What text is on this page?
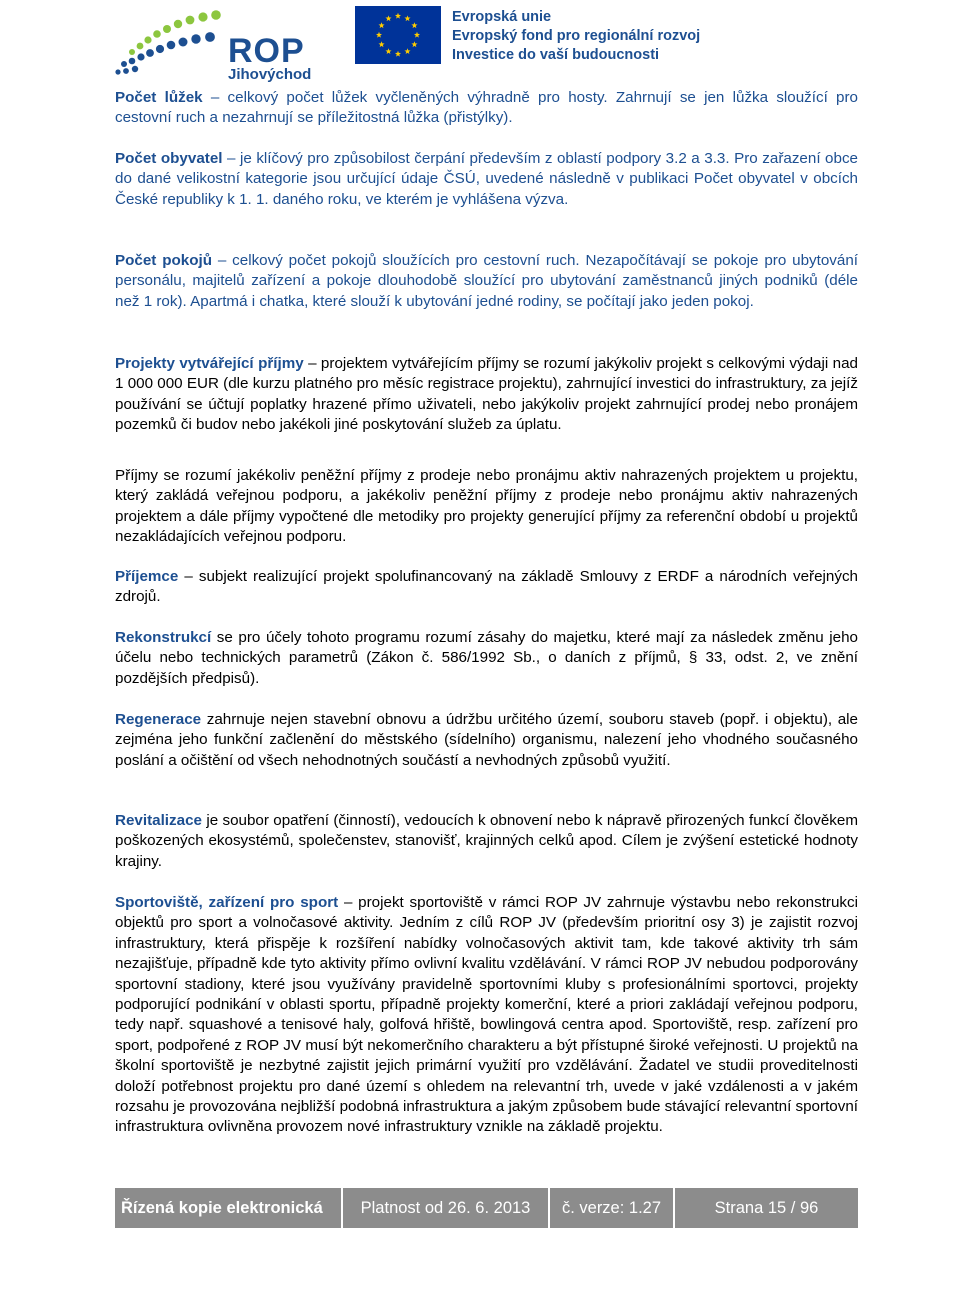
ROP
Jihovýchod
Evropská unie
Evropský fond pro regionální rozvoj
Investice do vaší budoucnosti

Počet lůžek – celkový počet lůžek vyčleněných výhradně pro hosty. Zahrnují se jen lůžka sloužící pro cestovní ruch a nezahrnují se příležitostná lůžka (přistýlky).

Počet obyvatel – je klíčový pro způsobilost čerpání především z oblastí podpory 3.2 a 3.3. Pro zařazení obce do dané velikostní kategorie jsou určující údaje ČSÚ, uvedené následně v publikaci Počet obyvatel v obcích České republiky k 1. 1. daného roku, ve kterém je vyhlášena výzva.

Počet pokojů – celkový počet pokojů sloužících pro cestovní ruch. Nezapočítávají se pokoje pro ubytování personálu, majitelů zařízení a pokoje dlouhodobě sloužící pro ubytování zaměstnanců jiných podniků (déle než 1 rok). Apartmá i chatka, které slouží k ubytování jedné rodiny, se počítají jako jeden pokoj.

Projekty vytvářející příjmy – projektem vytvářejícím příjmy se rozumí jakýkoliv projekt s celkovými výdaji nad 1 000 000 EUR (dle kurzu platného pro měsíc registrace projektu), zahrnující investici do infrastruktury, za jejíž používání se účtují poplatky hrazené přímo uživateli, nebo jakýkoliv projekt zahrnující prodej nebo pronájem pozemků či budov nebo jakékoli jiné poskytování služeb za úplatu.

Příjmy se rozumí jakékoliv peněžní příjmy z prodeje nebo pronájmu aktiv nahrazených projektem u projektu, který zakládá veřejnou podporu, a jakékoliv peněžní příjmy z prodeje nebo pronájmu aktiv nahrazených projektem a dále příjmy vypočtené dle metodiky pro projekty generující příjmy za referenční období u projektů nezakládajících veřejnou podporu.

Příjemce – subjekt realizující projekt spolufinancovaný na základě Smlouvy z ERDF a národních veřejných zdrojů.

Rekonstrukcí se pro účely tohoto programu rozumí zásahy do majetku, které mají za následek změnu jeho účelu nebo technických parametrů (Zákon č. 586/1992 Sb., o daních z příjmů, § 33, odst. 2, ve znění pozdějších předpisů).

Regenerace zahrnuje nejen stavební obnovu a údržbu určitého území, souboru staveb (popř. i objektu), ale zejména jeho funkční začlenění do městského (sídelního) organismu, nalezení jeho vhodného současného poslání a očištění od všech nehodnotných součástí a nevhodných způsobů využití.

Revitalizace je soubor opatření (činností), vedoucích k obnovení nebo k nápravě přirozených funkcí člověkem poškozených ekosystémů, společenstev, stanovišť, krajinných celků apod. Cílem je zvýšení estetické hodnoty krajiny.

Sportoviště, zařízení pro sport – projekt sportoviště v rámci ROP JV zahrnuje výstavbu nebo rekonstrukci objektů pro sport a volnočasové aktivity. Jedním z cílů ROP JV (především prioritní osy 3) je zajistit rozvoj infrastruktury, která přispěje k rozšíření nabídky volnočasových aktivit tam, kde takové aktivity trh sám nezajišťuje, případně kde tyto aktivity přímo ovlivní kvalitu vzdělávání. V rámci ROP JV nebudou podporovány sportovní stadiony, které jsou využívány pravidelně sportovními kluby s profesionálními sportovci, projekty podporující podnikání v oblasti sportu, případně projekty komerční, které a priori zakládají veřejnou podporu, tedy např. squashové a tenisové haly, golfová hřiště, bowlingová centra apod. Sportoviště, resp. zařízení pro sport, podpořené z ROP JV musí být nekomerčního charakteru a být přístupné široké veřejnosti. U projektů na školní sportoviště je nezbytné zajistit jejich primární využití pro vzdělávání. Žadatel ve studii proveditelnosti doloží potřebnost projektu pro dané území s ohledem na relevantní trh, uvede v jaké vzdálenosti a v jakém rozsahu je provozována nejbližší podobná infrastruktura a jakým způsobem bude stávající relevantní sportovní infrastruktura ovlivněna provozem nové infrastruktury vznikle na základě projektu.

Řízená kopie elektronická	Platnost od 26. 6. 2013	č. verze: 1.27	Strana 15 / 96
